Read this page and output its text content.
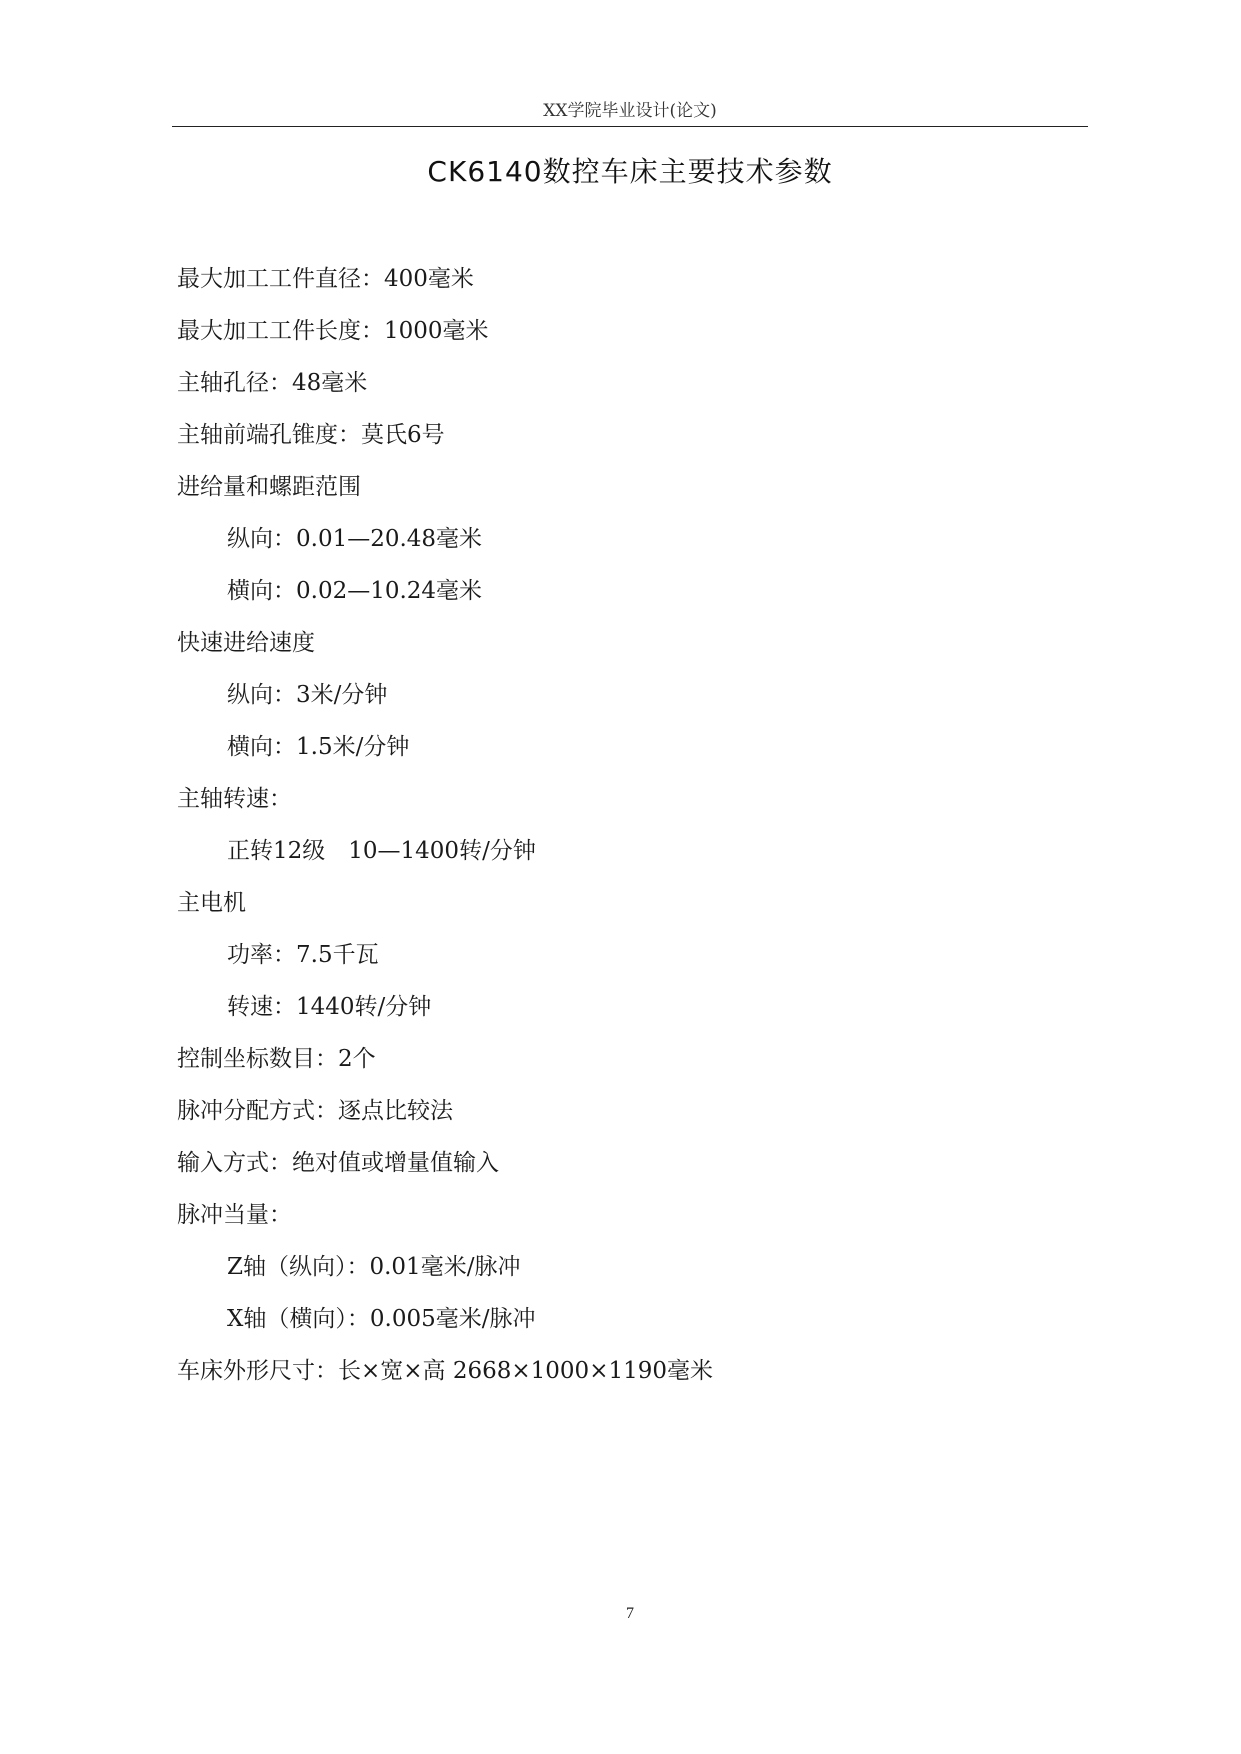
XX学院毕业设计(论文)
CK6140数控车床主要技术参数
最大加工工件直径：400毫米
最大加工工件长度：1000毫米
主轴孔径：48毫米
主轴前端孔锥度：莫氏6号
进给量和螺距范围
纵向：0.01—20.48毫米
横向：0.02—10.24毫米
快速进给速度
纵向：3米/分钟
横向：1.5米/分钟
主轴转速：
正转12级　10—1400转/分钟
主电机
功率：7.5千瓦
转速：1440转/分钟
控制坐标数目：2个
脉冲分配方式：逐点比较法
输入方式：绝对值或增量值输入
脉冲当量：
Z轴（纵向）：0.01毫米/脉冲
X轴（横向）：0.005毫米/脉冲
车床外形尺寸：长×宽×高 2668×1000×1190毫米
7
